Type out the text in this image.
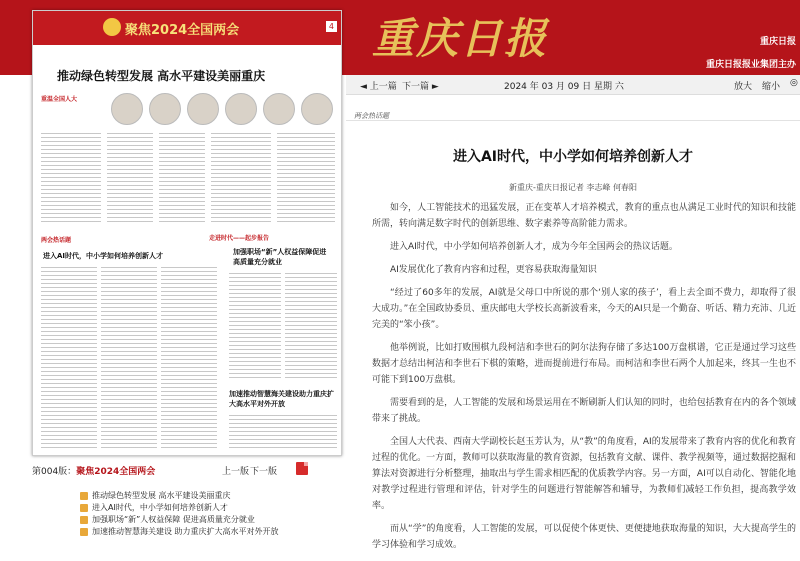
重庆日报	重庆日报
重庆日报报业集团主办
聚焦2024全国两会	4
推动绿色转型发展 高水平建设美丽重庆
重温全国人大
两会热话题	走进时代——起步报告
进入AI时代，中小学如何培养创新人才	加强职场“新”人权益保障促进高质量充分就业
加速推动智慧海关建设助力重庆扩大高水平对外开放
第004版：聚焦2024全国两会	上一版 下一版
推动绿色转型发展 高水平建设美丽重庆
进入AI时代，中小学如何培养创新人才
加强职场“新”人权益保障 促进高质量充分就业
加速推动智慧海关建设 助力重庆扩大高水平对外开放
◄ 上一篇 下一篇 ►	2024 年 03 月 09 日 星期 六	放大 缩小 ◎
两会热话题
进入AI时代，中小学如何培养创新人才
新重庆-重庆日报记者 李志峰 何春阳

如今，人工智能技术的迅猛发展，正在变革人才培养模式，教育的重点也从满足工业时代的知识和技能所需，转向满足数字时代的创新思维、数字素养等高阶能力需求。

进入AI时代，中小学如何培养创新人才，成为今年全国两会的热议话题。

AI发展优化了教育内容和过程，更容易获取海量知识

“经过了60多年的发展，AI就是父母口中所说的那个‘别人家的孩子’，看上去全面不费力，却取得了很大成功。”在全国政协委员、重庆邮电大学校长高新波看来，今天的AI只是一个勤奋、听话、精力充沛、几近完美的“笨小孩”。

他举例说，比如打败围棋九段柯洁和李世石的阿尔法狗存储了多达100万盘棋谱，它正是通过学习这些数据才总结出柯洁和李世石下棋的策略，进而提前进行布局。而柯洁和李世石两个人加起来，终其一生也不可能下到100万盘棋。

需要看到的是，人工智能的发展和场景运用在不断刷新人们认知的同时，也给包括教育在内的各个领域带来了挑战。

全国人大代表、西南大学副校长赵玉芳认为，从“教”的角度看，AI的发展带来了教育内容的优化和教育过程的优化。一方面，教师可以获取海量的教育资源，包括教育文献、课件、教学视频等，通过数据挖掘和算法对资源进行分析整理，抽取出与学生需求相匹配的优质教学内容。另一方面，AI可以自动化、智能化地对教学过程进行管理和评估，针对学生的问题进行智能解答和辅导，为教师们减轻工作负担，提高教学效率。

而从“学”的角度看，人工智能的发展，可以促使个体更快、更便捷地获取海量的知识，大大提高学生的学习体验和学习成效。
